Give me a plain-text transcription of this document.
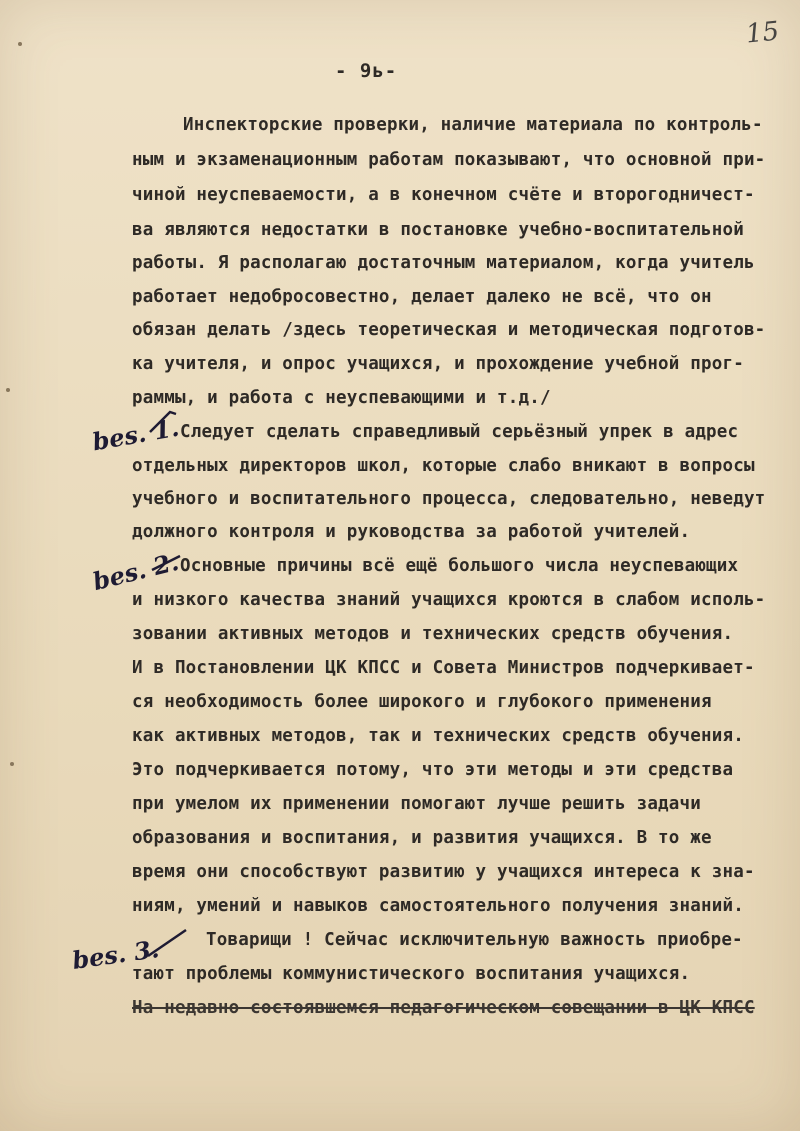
15
- 9ь-
bes. 1.
bes. 2.
bes. 3.
Инспекторские проверки, наличие материала по контроль-
ным и экзаменационным работам показывают, что основной при-
чиной неуспеваемости, а в конечном счёте и второгодничест-
ва являются недостатки в постановке учебно-воспитательной
работы. Я располагаю достаточным материалом, когда учитель
работает недобросовестно, делает далеко не всё, что он
обязан делать /здесь теоретическая и методическая подготов-
ка учителя, и опрос учащихся, и прохождение учебной прог-
раммы, и работа с неуспевающими и т.д./
Следует сделать справедливый серьёзный упрек в адрес
отдельных директоров школ, которые слабо вникают в вопросы
учебного и воспитательного процесса, следовательно, неведут
должного контроля и руководства за работой учителей.
Основные причины всё ещё большого числа неуспевающих
и низкого качества знаний учащихся кроются в слабом исполь-
зовании активных методов и технических средств обучения.
И в Постановлении ЦК КПСС и Совета Министров подчеркивает-
ся необходимость более широкого и глубокого применения
как активных методов, так и технических средств обучения.
Это подчеркивается потому, что эти методы и эти средства
при умелом их применении помогают лучше решить задачи
образования и воспитания, и развития учащихся. В то же
время они способствуют развитию у учащихся интереса к зна-
ниям, умений и навыков самостоятельного получения знаний.
Товарищи ! Сейчас исключительную важность приобре-
тают проблемы коммунистического воспитания учащихся.
На недавно состоявшемся педагогическом совещании в ЦК КПСС
